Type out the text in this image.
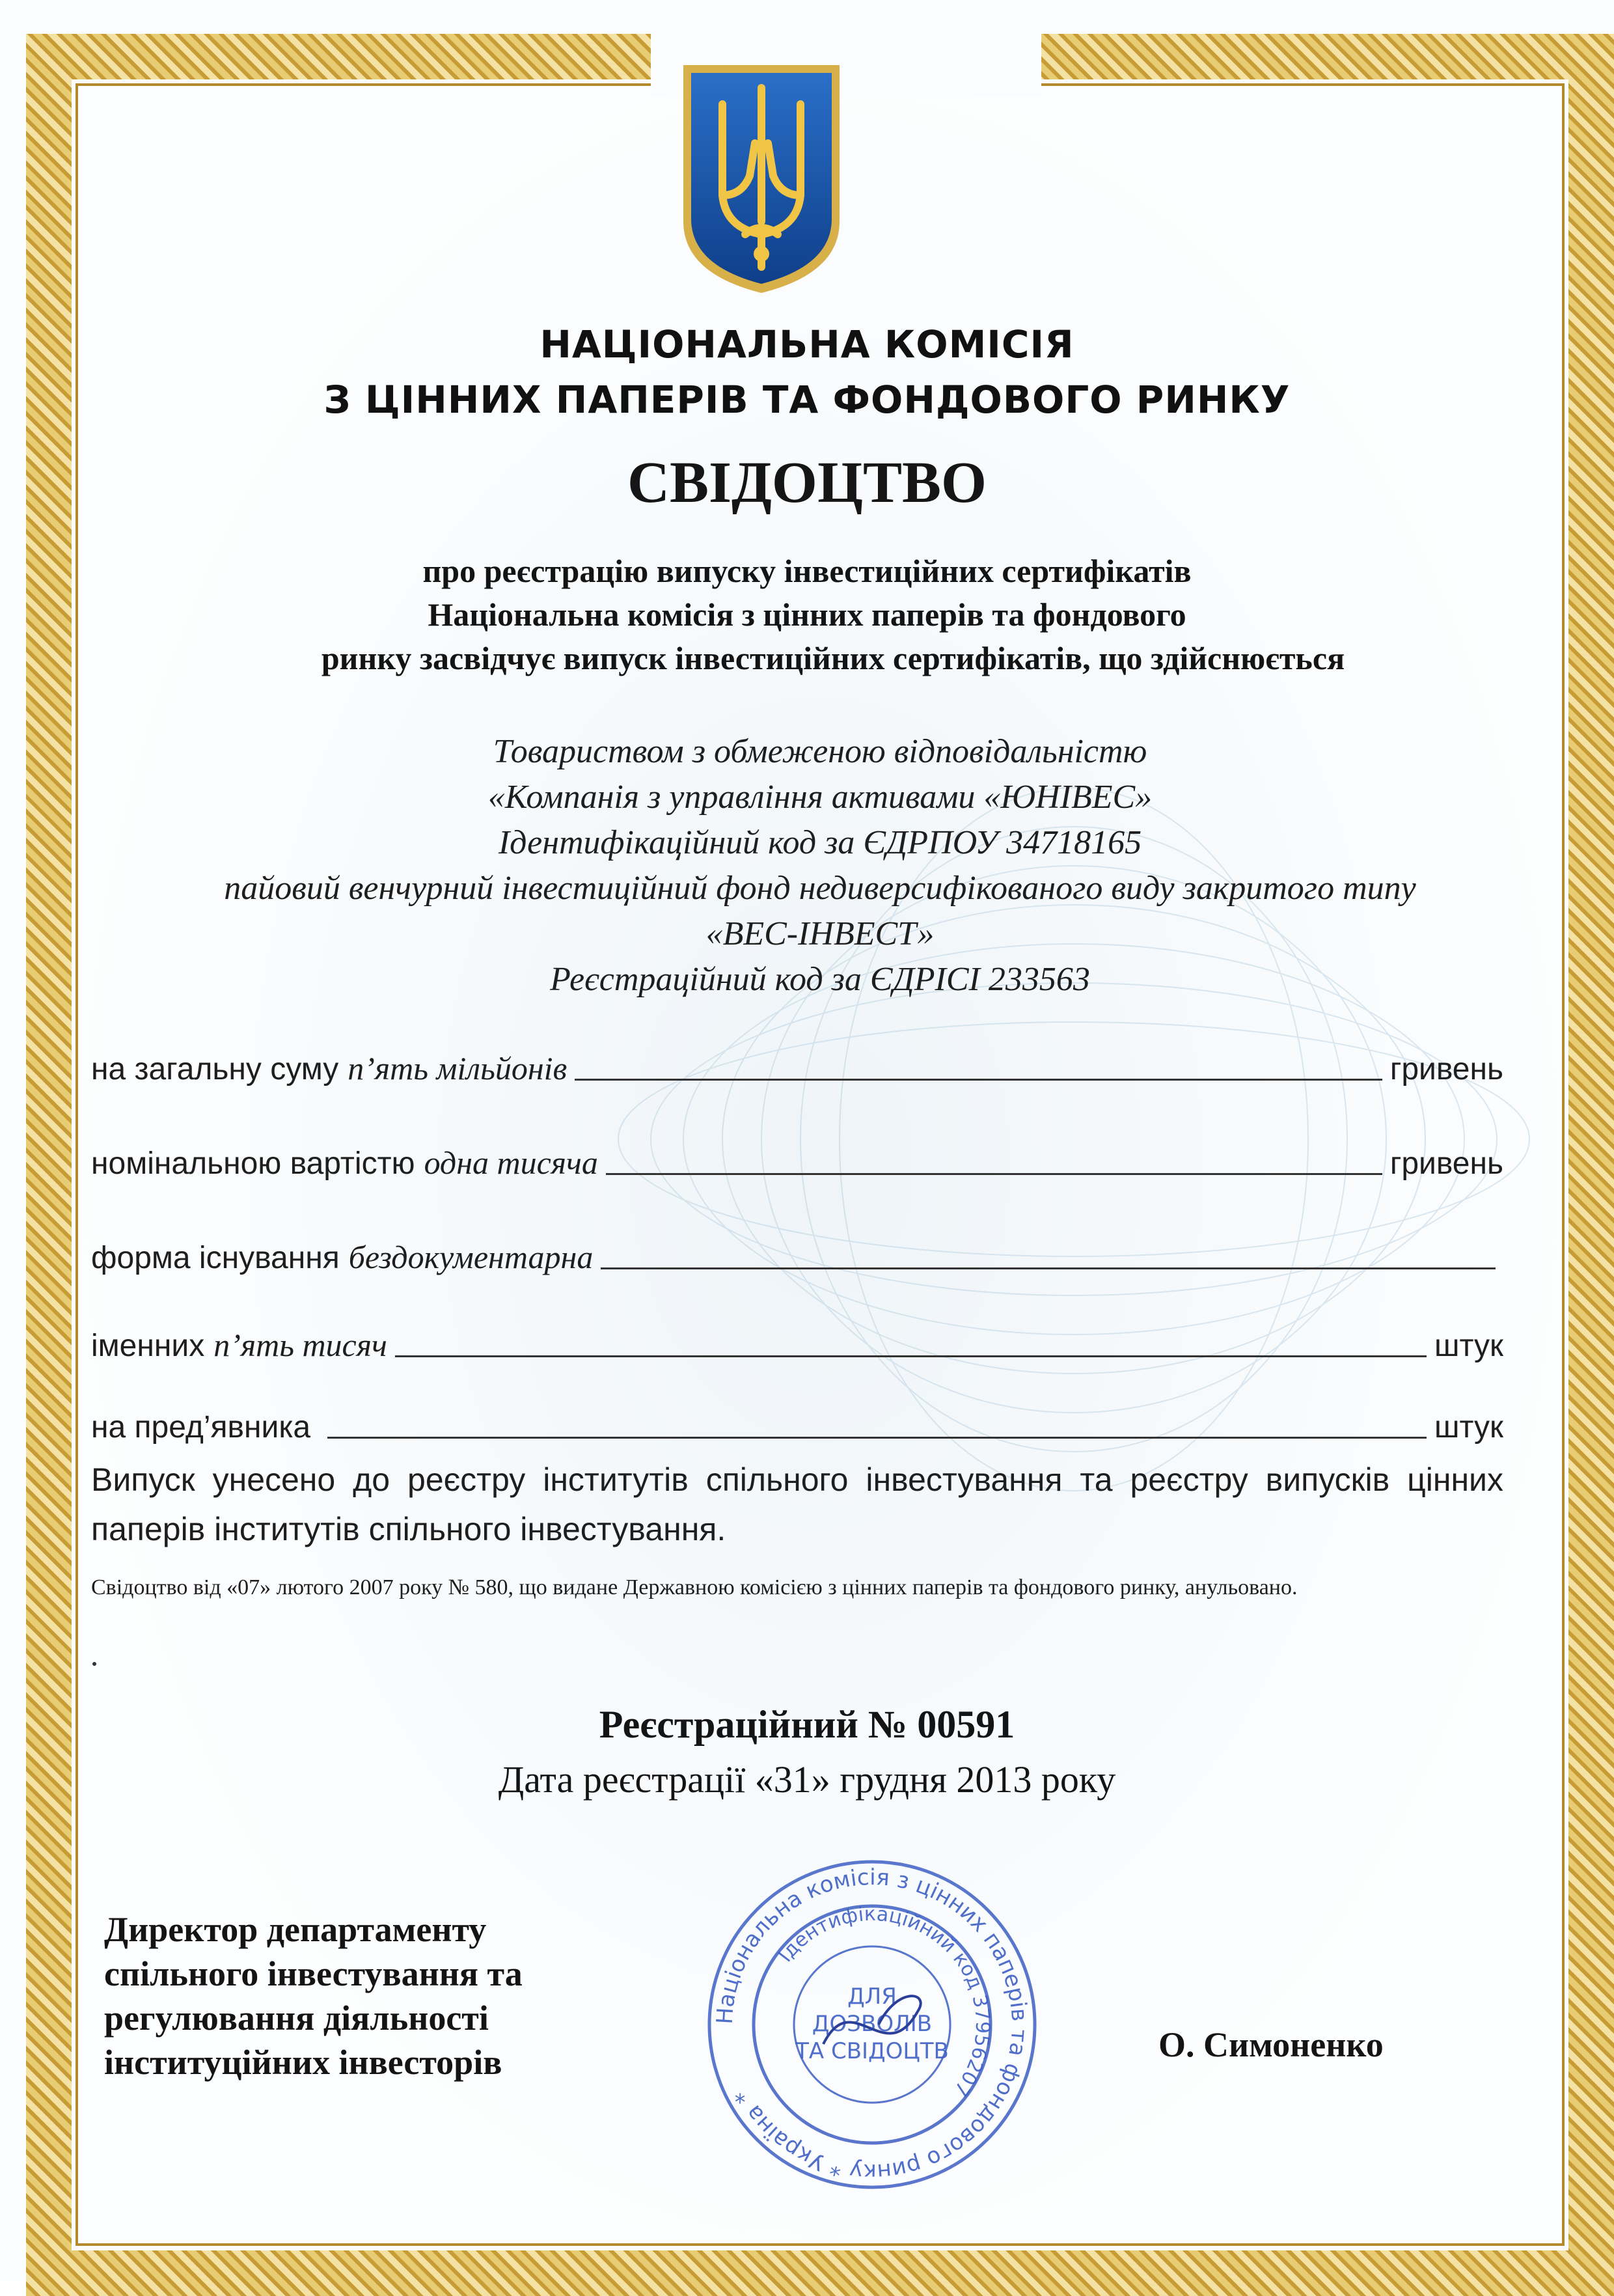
НАЦІОНАЛЬНА КОМІСІЯ
З ЦІННИХ ПАПЕРІВ ТА ФОНДОВОГО РИНКУ
СВІДОЦТВО
про реєстрацію випуску інвестиційних сертифікатів
Національна комісія з цінних паперів та фондового
ринку засвідчує випуск інвестиційних сертифікатів, що здійснюється
Товариством з обмеженою відповідальністю
«Компанія з управління активами «ЮНІВЕС»
Ідентифікаційний код за ЄДРПОУ 34718165
пайовий венчурний інвестиційний фонд недиверсифікованого виду закритого типу
«ВЕС-ІНВЕСТ»
Реєстраційний код за ЄДРІСІ 233563
на загальну суму п’ять мільйонів	гривень
номінальною вартістю одна тисяча	гривень
форма існування бездокументарна
іменних п’ять тисяч	штук
на пред’явника	штук
Випуск унесено до реєстру інститутів спільного інвестування та реєстру випусків цінних паперів інститутів спільного інвестування.
Свідоцтво від «07» лютого 2007 року № 580, що видане Державною комісією з цінних паперів та фондового ринку, анульовано.
Реєстраційний № 00591
Дата реєстрації «31» грудня 2013 року
Директор департаменту
спільного інвестування та
регулювання діяльності
інституційних інвесторів
Національна комісія з цінних паперів та фондового ринку * Україна *
Ідентифікаційний код 37956207
ДЛЯ
ДОЗВОЛІВ
ТА СВІДОЦТВ	О. Симоненко
